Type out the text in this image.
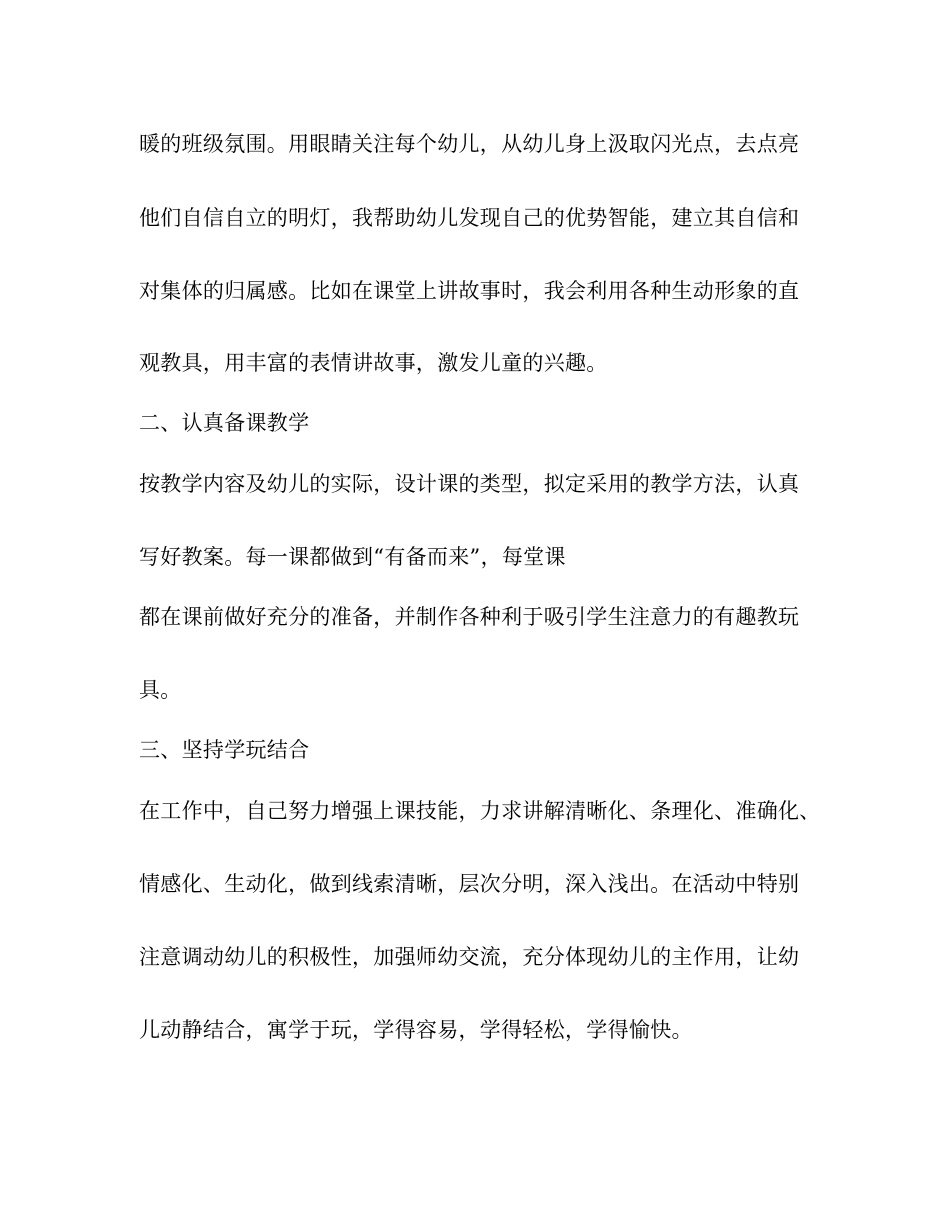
暖的班级氛围。用眼睛关注每个幼儿，从幼儿身上汲取闪光点，去点亮
他们自信自立的明灯，我帮助幼儿发现自己的优势智能，建立其自信和
对集体的归属感。比如在课堂上讲故事时，我会利用各种生动形象的直
观教具，用丰富的表情讲故事，激发儿童的兴趣。
二、认真备课教学
按教学内容及幼儿的实际，设计课的类型，拟定采用的教学方法，认真
写好教案。每一课都做到“有备而来”，每堂课
都在课前做好充分的准备，并制作各种利于吸引学生注意力的有趣教玩
具。
三、坚持学玩结合
在工作中，自己努力增强上课技能，力求讲解清晰化、条理化、准确化、
情感化、生动化，做到线索清晰，层次分明，深入浅出。在活动中特别
注意调动幼儿的积极性，加强师幼交流，充分体现幼儿的主作用，让幼
儿动静结合，寓学于玩，学得容易，学得轻松，学得愉快。
